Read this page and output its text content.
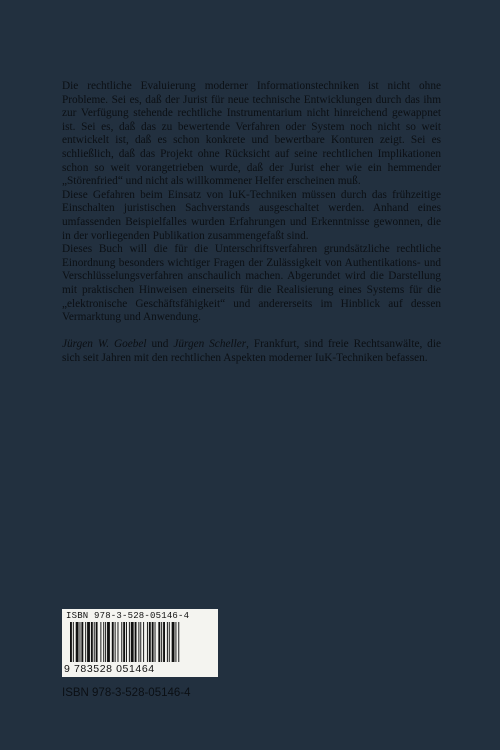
Die rechtliche Evaluierung moderner Informationstechniken ist nicht ohne Probleme. Sei es, daß der Jurist für neue technische Entwicklungen durch das ihm zur Verfügung stehende rechtliche Instrumentarium nicht hinreichend gewappnet ist. Sei es, daß das zu bewertende Verfahren oder System noch nicht so weit entwickelt ist, daß es schon konkrete und bewertbare Konturen zeigt. Sei es schließlich, daß das Projekt ohne Rücksicht auf seine rechtlichen Implikationen schon so weit vorangetrieben wurde, daß der Jurist eher wie ein hemmender „Störenfried“ und nicht als willkommener Helfer erscheinen muß.

Diese Gefahren beim Einsatz von IuK-Techniken müssen durch das frühzeitige Einschalten juristischen Sachverstands ausgeschaltet werden. Anhand eines umfassenden Beispielfalles wurden Erfahrungen und Erkenntnisse gewonnen, die in der vorliegenden Publikation zusammengefaßt sind.

Dieses Buch will die für die Unterschriftsverfahren grundsätzliche rechtliche Einordnung besonders wichtiger Fragen der Zulässigkeit von Authentikations- und Verschlüsselungsverfahren anschaulich machen. Abgerundet wird die Darstellung mit praktischen Hinweisen einerseits für die Realisierung eines Systems für die „elektronische Geschäftsfähigkeit“ und andererseits im Hinblick auf dessen Vermarktung und Anwendung.

Jürgen W. Goebel und Jürgen Scheller, Frankfurt, sind freie Rechtsanwälte, die sich seit Jahren mit den rechtlichen Aspekten moderner IuK-Techniken befassen.

ISBN 978-3-528-05146-4
9 783528 051464
ISBN 978-3-528-05146-4
